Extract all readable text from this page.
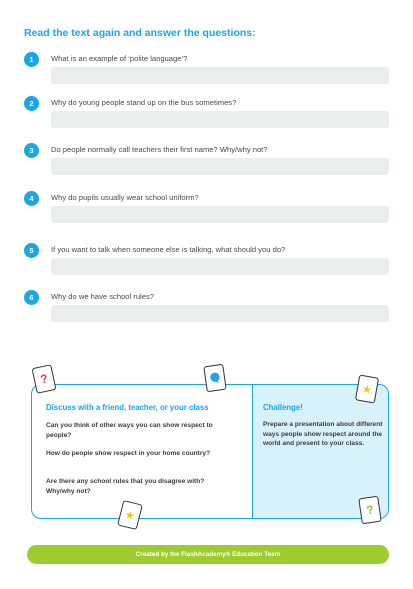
Read the text again and answer the questions:
1	What is an example of ‘polite language’?
2	Why do young people stand up on the bus sometimes?
3	Do people normally call teachers their first name? Why/why not?
4	Why do pupils usually wear school uniform?
5	If you want to talk when someone else is talking, what should you do?
6	Why do we have school rules?
Discuss with a friend, teacher, or your class

Can you think of other ways you can show respect to people?

How do people show respect in your home country?

Are there any school rules that you disagree with? Why/why not?

Challenge!

Prepare a presentation about different ways people show respect around the world and present to your class.

?
★
★	?
Created by the FlashAcademy® Education Team
